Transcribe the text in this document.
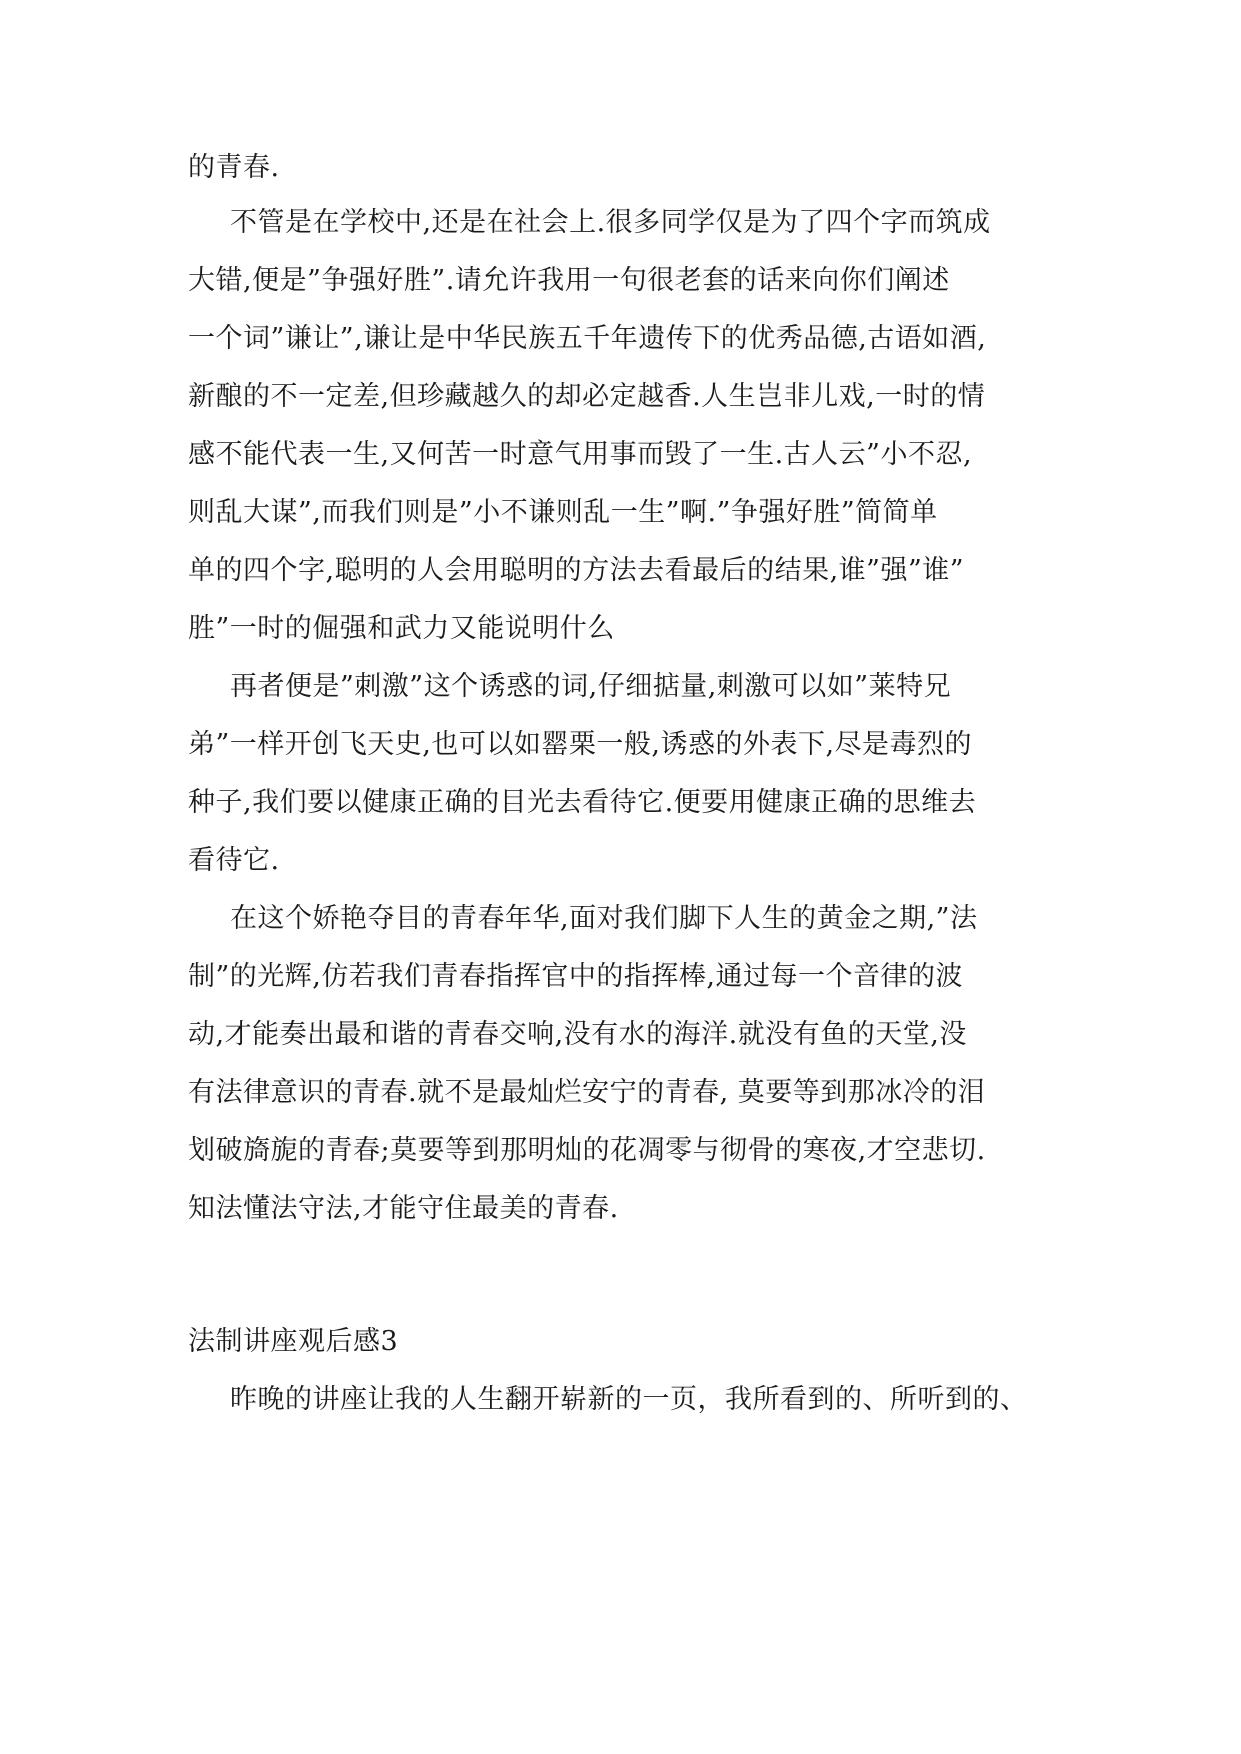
的青春.
不管是在学校中,还是在社会上.很多同学仅是为了四个字而筑成
大错,便是”争强好胜”.请允许我用一句很老套的话来向你们阐述
一个词”谦让”,谦让是中华民族五千年遗传下的优秀品德,古语如酒,
新酿的不一定差,但珍藏越久的却必定越香.人生岂非儿戏,一时的情
感不能代表一生,又何苦一时意气用事而毁了一生.古人云”小不忍,
则乱大谋”,而我们则是”小不谦则乱一生”啊.”争强好胜”简简单
单的四个字,聪明的人会用聪明的方法去看最后的结果,谁”强”谁”
胜”一时的倔强和武力又能说明什么
再者便是”刺激”这个诱惑的词,仔细掂量,刺激可以如”莱特兄
弟”一样开创飞天史,也可以如罂栗一般,诱惑的外表下,尽是毒烈的
种子,我们要以健康正确的目光去看待它.便要用健康正确的思维去
看待它.
在这个娇艳夺目的青春年华,面对我们脚下人生的黄金之期,”法
制”的光辉,仿若我们青春指挥官中的指挥棒,通过每一个音律的波
动,才能奏出最和谐的青春交响,没有水的海洋.就没有鱼的天堂,没
有法律意识的青春.就不是最灿烂安宁的青春, 莫要等到那冰冷的泪
划破旖旎的青春;莫要等到那明灿的花凋零与彻骨的寒夜,才空悲切.
知法懂法守法,才能守住最美的青春.
法制讲座观后感3
昨晚的讲座让我的人生翻开崭新的一页，我所看到的、所听到的、
